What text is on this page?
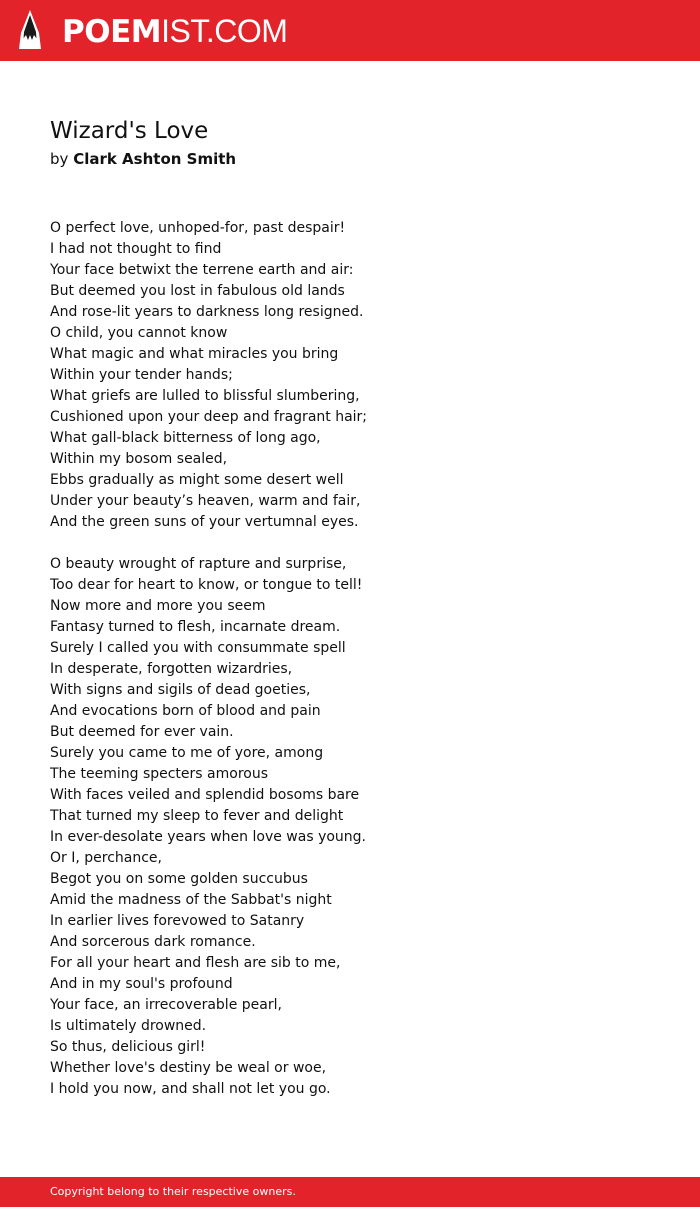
POEMIST.COM
Wizard's Love
by Clark Ashton Smith
O perfect love, unhoped-for, past despair!
I had not thought to find
Your face betwixt the terrene earth and air:
But deemed you lost in fabulous old lands
And rose-lit years to darkness long resigned.
O child, you cannot know
What magic and what miracles you bring
Within your tender hands;
What griefs are lulled to blissful slumbering,
Cushioned upon your deep and fragrant hair;
What gall-black bitterness of long ago,
Within my bosom sealed,
Ebbs gradually as might some desert well
Under your beauty’s heaven, warm and fair,
And the green suns of your vertumnal eyes.
O beauty wrought of rapture and surprise,
Too dear for heart to know, or tongue to tell!
Now more and more you seem
Fantasy turned to flesh, incarnate dream.
Surely I called you with consummate spell
In desperate, forgotten wizardries,
With signs and sigils of dead goeties,
And evocations born of blood and pain
But deemed for ever vain.
Surely you came to me of yore, among
The teeming specters amorous
With faces veiled and splendid bosoms bare
That turned my sleep to fever and delight
In ever-desolate years when love was young.
Or I, perchance,
Begot you on some golden succubus
Amid the madness of the Sabbat's night
In earlier lives forevowed to Satanry
And sorcerous dark romance.
For all your heart and flesh are sib to me,
And in my soul's profound
Your face, an irrecoverable pearl,
Is ultimately drowned.
So thus, delicious girl!
Whether love's destiny be weal or woe,
I hold you now, and shall not let you go.
Copyright belong to their respective owners.
